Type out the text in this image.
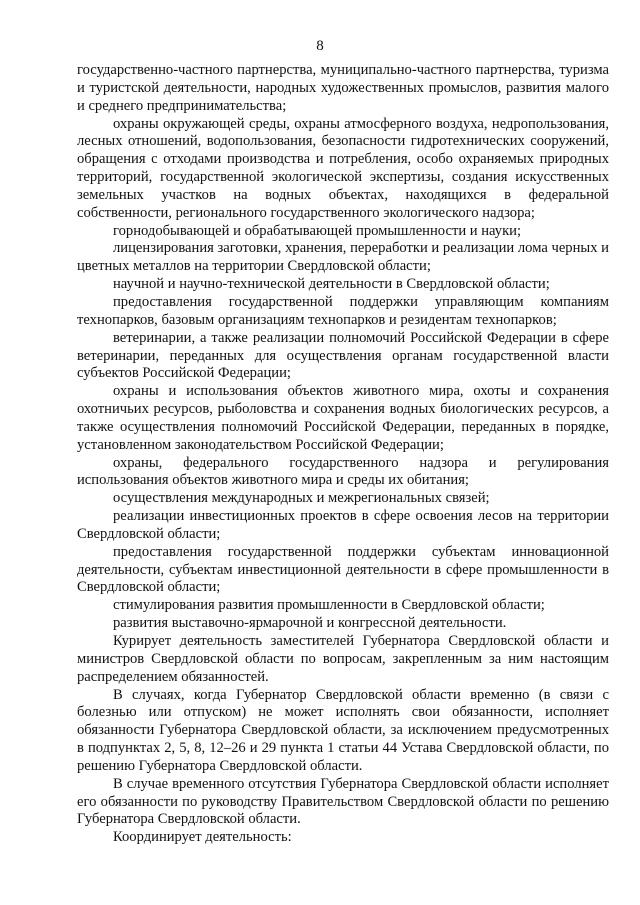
8

государственно-частного партнерства, муниципально-частного партнерства, туризма и туристской деятельности, народных художественных промыслов, развития малого и среднего предпринимательства;

охраны окружающей среды, охраны атмосферного воздуха, недропользования, лесных отношений, водопользования, безопасности гидротехнических сооружений, обращения с отходами производства и потребления, особо охраняемых природных территорий, государственной экологической экспертизы, создания искусственных земельных участков на водных объектах, находящихся в федеральной собственности, регионального государственного экологического надзора;

горнодобывающей и обрабатывающей промышленности и науки;

лицензирования заготовки, хранения, переработки и реализации лома черных и цветных металлов на территории Свердловской области;

научной и научно-технической деятельности в Свердловской области;

предоставления государственной поддержки управляющим компаниям технопарков, базовым организациям технопарков и резидентам технопарков;

ветеринарии, а также реализации полномочий Российской Федерации в сфере ветеринарии, переданных для осуществления органам государственной власти субъектов Российской Федерации;

охраны и использования объектов животного мира, охоты и сохранения охотничьих ресурсов, рыболовства и сохранения водных биологических ресурсов, а также осуществления полномочий Российской Федерации, переданных в порядке, установленном законодательством Российской Федерации;

охраны, федерального государственного надзора и регулирования использования объектов животного мира и среды их обитания;

осуществления международных и межрегиональных связей;

реализации инвестиционных проектов в сфере освоения лесов на территории Свердловской области;

предоставления государственной поддержки субъектам инновационной деятельности, субъектам инвестиционной деятельности в сфере промышленности в Свердловской области;

стимулирования развития промышленности в Свердловской области;

развития выставочно-ярмарочной и конгрессной деятельности.

Курирует деятельность заместителей Губернатора Свердловской области и министров Свердловской области по вопросам, закрепленным за ним настоящим распределением обязанностей.

В случаях, когда Губернатор Свердловской области временно (в связи с болезнью или отпуском) не может исполнять свои обязанности, исполняет обязанности Губернатора Свердловской области, за исключением предусмотренных в подпунктах 2, 5, 8, 12–26 и 29 пункта 1 статьи 44 Устава Свердловской области, по решению Губернатора Свердловской области.

В случае временного отсутствия Губернатора Свердловской области исполняет его обязанности по руководству Правительством Свердловской области по решению Губернатора Свердловской области.

Координирует деятельность:
